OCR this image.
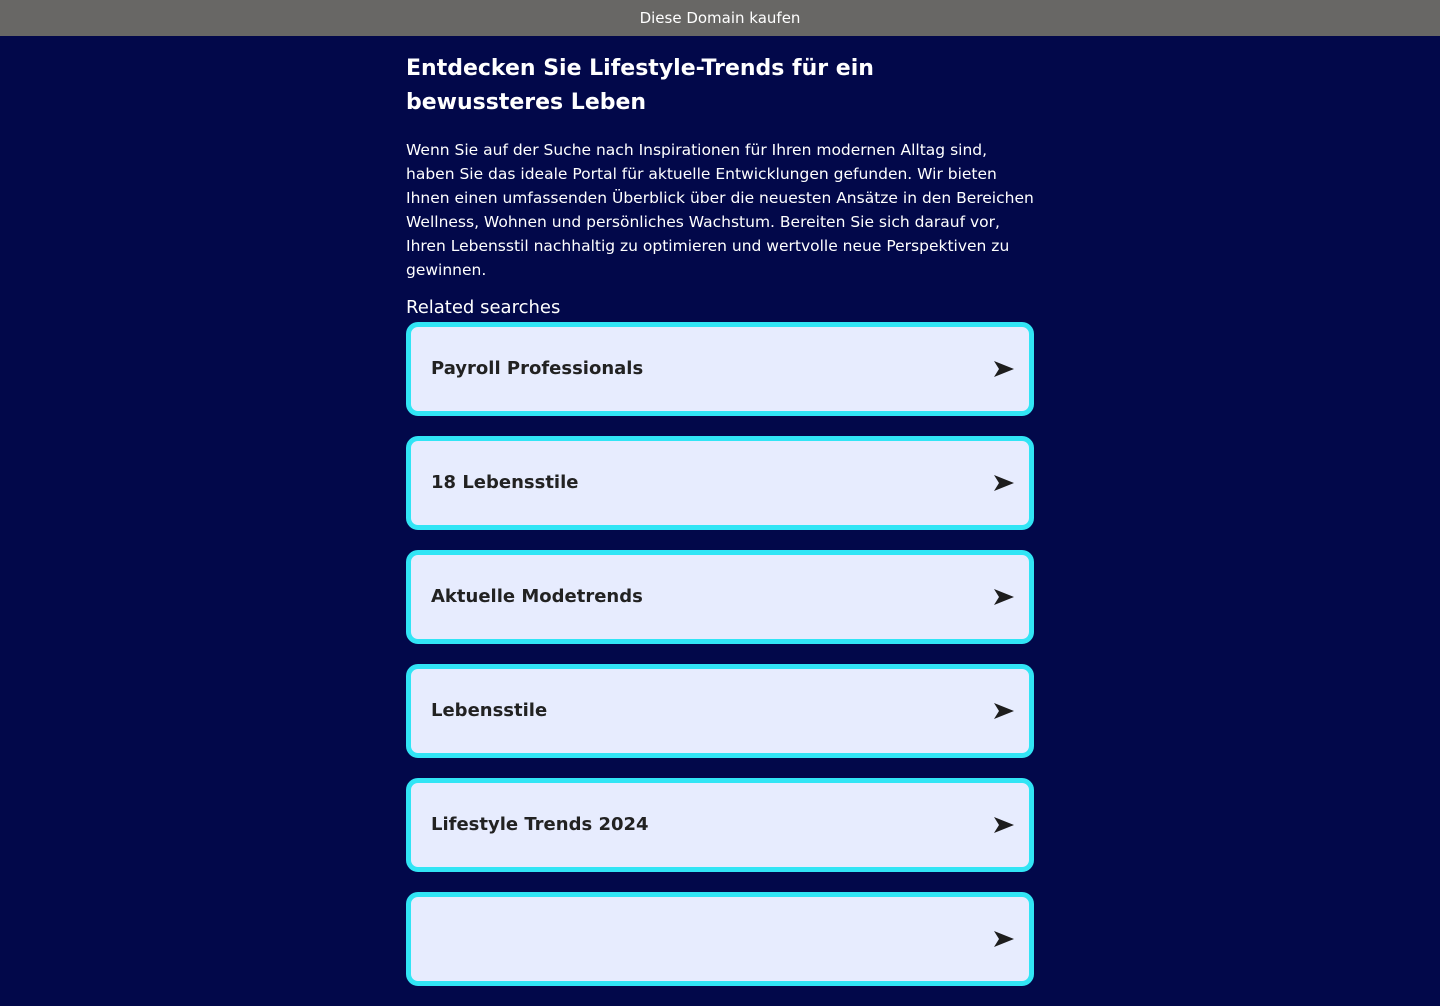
Diese Domain kaufen
Entdecken Sie Lifestyle-Trends für ein bewussteres Leben

Wenn Sie auf der Suche nach Inspirationen für Ihren modernen Alltag sind, haben Sie das ideale Portal für aktuelle Entwicklungen gefunden. Wir bieten Ihnen einen umfassenden Überblick über die neuesten Ansätze in den Bereichen Wellness, Wohnen und persönliches Wachstum. Bereiten Sie sich darauf vor, Ihren Lebensstil nachhaltig zu optimieren und wertvolle neue Perspektiven zu gewinnen.

Related searches
Payroll Professionals
18 Lebensstile
Aktuelle Modetrends
Lebensstile
Lifestyle Trends 2024
